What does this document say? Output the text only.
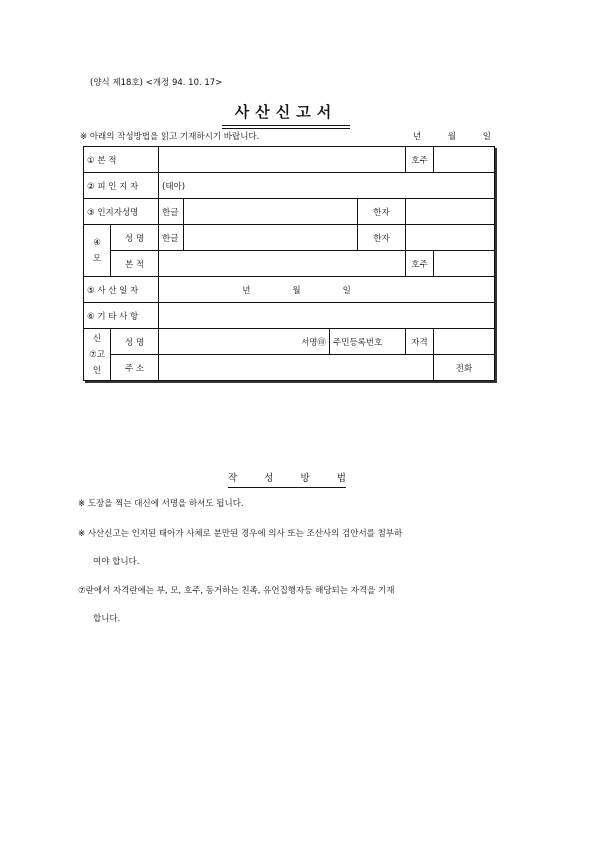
(양식 제18호) <개정 94. 10. 17>
사산신고서
※ 아래의 작성방법을 읽고 기재하시기 바랍니다.	년	월	일
① 본 적						호주		
② 피 인 지 자		(태아)						
③ 인지자성명		한글			한자			
④
모	성 명	한글			한자			
	본 적					호주		
⑤ 사 산 일 자		년 월 일						

⑥ 기 타 사 항								
신
⑦고
인	성 명	서명㊞		주민등록번호		자격		
	주 소						전화	
작	성	방	법
※ 도장을 찍는 대신에 서명을 하셔도 됩니다.
※ 사산신고는 인지된 태아가 사체로 분만된 경우에 의사 또는 조산사의 검안서를 첨부하
여야 합니다.
⑦란에서 자격란에는 부, 모, 호주, 동거하는 친족, 유언집행자등 해당되는 자격을 기재
합니다.
